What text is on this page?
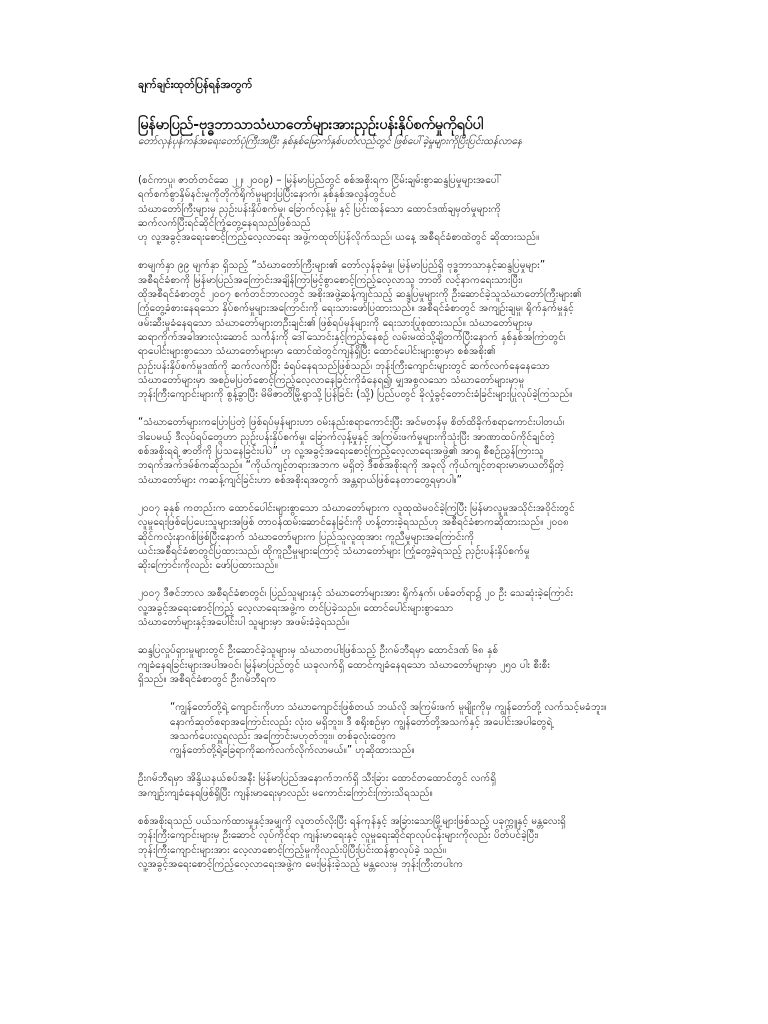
ချက်ချင်းထုတ်ပြန်ရန်အတွက်
မြန်မာပြည်-ဗုဒ္ဓဘာသာသံဃာတော်များအားညှဉ်းပန်းနှိပ်စက်မှုကိုရပ်ပါ
တော်လှန်ပုန်ကန်အရေးတော်ပုံကြီးအပြီး နှစ်နှစ်မြောက်နှစ်ပတ်လည်တွင် ဖြစ်ပေါ်ခဲ့မှုများကိုပြီးပြင်းထန်လာနေ
(စင်ကာပူ၊ ဇာတ်တင်ဆေ ၂၂၊ ၂၀၀၉) – မြန်မာပြည်တွင် စစ်အစိုးရက ငြိမ်းချမ်းစွာဆန္ဒပြမှုများအပေါ်
ရက်စက်စွာနှိမ်နင်းမှုကိုတိုက်ရိုက်မှုများပြပြီးနောက်၊ နှစ်နှစ်အလွန်တွင်ပင်
သံဃာတော်ကြီးများမှ ညှဉ်းပန်းနှိပ်စက်မှု၊ ခြောက်လှန့်မှု နှင့် ပြင်းထန်သော ထောင်ဒဏ်ချမှတ်မှုများကို
ဆက်လက်ပြီးရင်ဆိုင်ကြုံတွေ့နေရသည်ဖြစ်သည်
ဟု လူ့အခွင့်အရေးစောင့်ကြည့်လေ့လာရေး အဖွဲ့ကထုတ်ပြန်လိုက်သည်၊ ယနေ့ အစီရင်ခံစာထဲတွင် ဆိုထားသည်။
စာမျက်နှာ ၉၉ မျက်နှာ ရှိသည့် “သံဃာတော်ကြီးများ၏ တော်လှန်ခုခံမှု၊ မြန်မာပြည်ရှိ ဗုဒ္ဓဘာသာနှင့်ဆန္ဒပြမှုများ”
အစီရင်ခံစာကို မြန်မာပြည်အကြောင်းအချိန်ကြာမြင့်စွာစောင့်ကြည့်လေ့လာသူ ဘာတိ လင့်နာကရေးသားပြီး၊
ထိုအစီရင်ခံစာတွင် ၂၀၀၇ စက်တင်ဘာလတွင် အစိုးအဖွဲ့ဆန့်ကျင်သည့် ဆန္ဒပြမှုများကို ဦးဆောင်ခဲ့သူသံဃာတော်ကြီးများ၏
ကြုံတွေ့ခံစားနေရသော နှိပ်စက်မှုများအကြောင်းကို ရေးသားဖော်ပြထားသည်။ အစီရင်ခံစာတွင် အကျဉ်းချမှု၊ ရိုက်နှက်မှုနှင့်
ဖမ်းဆီးမှုခံနေရသော သံဃာတော်များတဦးချင်း၏ ဖြစ်ရပ်မှန်များကို ရေးသားပြုစုထားသည်။ သံဃာတော်များမှ
ဆရာကိုက်အခါအားလုံးဆောင် သင်္ကန်းကို ဒေါ်သောင်းနှင့်ကြည့်နေစဉ် လမ်းမထဲသို့ချိတက်ပြီးနောက် နှစ်နှစ်အကြာတွင်၊
ရာပေါင်းများစွာသော သံဃာတော်များမှာ ထောင်ထဲတွင်ကျန်ရှိပြီး ထောင်ပေါင်းများစွာမှာ စစ်အစိုး၏
ညှဉ်းပန်းနှိပ်စက်မှုဒဏ်ကို ဆက်လက်ပြီး ခံရပ်နေရသည်ဖြစ်သည်၊ ဘုန်းကြီးကျောင်းများတွင် ဆက်လက်နေနေသော
သံဃာတော်များမှာ အစဉ်မပြတ်စောင့်ကြည့်လေ့လာနေခြင်းကိုခံနေရ၍၊ မျှအစွလသော သံဃာတော်များမှာမူ
ဘုန်းကြီးကျောင်းများကို စွန့်ခွာပြီး မိမိဇာတိမြို့ရွာသို့ပြန်ခြင်း (သို့) ပြည်ပတွင် ခိုလှုံခွင့်တောင်းခံခြင်းများပြုလုပ်ခဲ့ကြသည်။
“သံဃာတော်များကပြောပြတဲ့ ဖြစ်ရပ်မှန်များဟာ ဝမ်းနည်းစရာကောင်းပြီး အင်မတန်မှ စိတ်ထိခိုက်စရာကောင်းပါတယ်၊
ဒါပေမယ့် ဒီလုပ်ရပ်တွေဟာ ညှဉ်းပန်းနှိပ်စက်မှု၊ ခြောက်လှန့်မှုနှင့် အကြမ်းဖက်မှုများကိုသုံးပြီး အာဏာထပ်ကိုင်ချင်တဲ့
စစ်အစိုးရရဲ့ ဇာတိကို ပြသနေခြင်းပါပဲ” ဟု လူ့အခွင့်အရေးစောင့်ကြည့်လေ့လာရေးအဖွဲ့၏ အာရှ စီစဉ်ညွှန်ကြားသူ
ဘရက်အက်ဒမ်စ်ကဆိုသည်။ “ကိုယ်ကျင့်တရားအဘက မရှိတဲ့ ဒီစစ်အစိုးရကို အခုလို ကိုယ်ကျင့်တရားမာမာယတိရှိတဲ့
သံဃာတော်များ ကဆန့်ကျင်ခြင်းဟာ စစ်အစိုးရအတွက် အန္တရာယ်ဖြစ်နေတာတွေ့ရမှာပါ။”
၂၀၀၇ ခုနှစ် ကတည်းက ထောင်ပေါင်းများစွာသော သံဃာတော်များက လူထုထဲမဝင်ခဲ့ကြပြီး မြန်မာလူမှုအသိုင်းအဝိုင်းတွင်
လူမှုရေးဖြစ်ပြေပေးသူများအဖြစ် တာဝန်ထမ်းဆောင်နေခြင်းကို ဟန့်တားခဲ့ရသည်ဟု အစီရင်ခံစာကဆိုထားသည်။ ၂၀၀၈
ဆိုင်ကလုံးနာဂစ်ဖြစ်ပြီးနောက် သံဃာတော်များက ပြည်သူလူထုအား ကူညီမှုများအကြောင်းကို
ယင်းအစီရင်ခံစာတွင်ပြထားသည်၊ ထိုကူညီမှုများကြောင့် သံဃာတော်များ ကြုံတွေ့ခဲ့ရသည့် ညှဉ်းပန်းနှိပ်စက်မှု
ဆိုးကြောင်းကိုလည်း ဖော်ပြထားသည်။
၂၀၀၇ ဒီဇင်ဘာလ အစီရင်ခံစာတွင်၊ ပြည်သူများနှင့် သံဃာတော်များအား ရိုက်နှက်၊ ပစ်ခတ်ရာ၌ ၂၀ ဦး သေဆုံးခဲ့ကြောင်း
လူ့အခွင့်အရေးစောင့်ကြည့် လေ့လာရေးအဖွဲ့က တင်ပြခဲ့သည်။ ထောင်ပေါင်းများစွာသော
သံဃာတော်များနှင့်အပေါင်းပါ သူများမှာ အဖမ်းခံခဲ့ရသည်။
ဆန္ဒပြလှုပ်ရှားမှုများတွင် ဦးဆောင်ခဲ့သူများမှ သံဃာတပါးဖြစ်သည့် ဦးဂမ်ဘီရမှာ ထောင်ဒဏ် ၆၈ နှစ်
ကျခံနေရခြင်းများအပါအဝင်၊ မြန်မာပြည်တွင် ယခုလက်ရှိ ထောင်ကျခံနေရသော သံဃာတော်များမှာ ၂၅၀ ပါး စီးစီး
ရှိသည်။ အစီရင်ခံစာတွင် ဦးဂမ်ဘီရက
“ကျွန်တော်တို့ရဲ့ ကျောင်းကိုဟာ သံဃာကျောင်းဖြစ်တယ် ဘယ်လို အကြမ်းဖက် မူမျိုးကိုမှ ကျွန်တော်တို့ လက်သင့်မခံဘူး။
နောက်ဆုတ်စရာအကြောင်းလည်း လုံးဝ မရှိဘူး။ ဒီ စရိုးစဉ်မှာ ကျွန်တော်တို့အသက်နှင့် အပေါင်းအပါတွေရဲ့
အသက်ပေးလှူရလည်း အကြောင်းမဟုတ်ဘူး။ တစ်ခုလုံးတွေက
ကျွန်တော်တို့ရဲ့ခြေရာကိုဆက်လက်လိုက်လာမယ်။” ဟုဆိုထားသည်။
ဦးဂမ်ဘီရမှာ အိန္ဒိယနယ်စပ်အနီး မြန်မာပြည်အနောက်ဘက်ရှိ သီးခြား ထောင်တထောင်တွင် လက်ရှိ
အကျဉ်းကျခံနေရဖြစ်ရှိပြီး ကျန်းမာရေးမှာလည်း မကောင်းကြောင်းကြားသိရသည်။
စစ်အစိုးရသည် ပယ်သက်ထားမှုနှင့်အမျှကို လူတတ်လိုးပြီး ရန်ကုန်နှင့် အခြားသောမြို့များဖြစ်သည့် ပခုက္ကူနှင့် မန္တလေးရှိ
ဘုန်းကြီးကျောင်းများမှ ဦးဆောင် လုပ်ကိုင်ရာ ကျန်းမာရေးနှင့် လူမှုရေးဆိုင်ရာလုပ်ငန်းများကိုလည်း ပိတ်ပင်ခဲ့ပြီး၊
ဘုန်းကြီးကျောင်းများအား လေ့လာစောင့်ကြည့်မှုကိုလည်းပိုပြီးပြင်းထန်စွာလုပ်ခဲ့ သည်။
လူ့အခွင့်အရေးစောင့်ကြည့်လေ့လာရေးအဖွဲ့က မေးမြန်းခဲ့သည့် မန္တလေးမှ ဘုန်းကြီးတပါးက
